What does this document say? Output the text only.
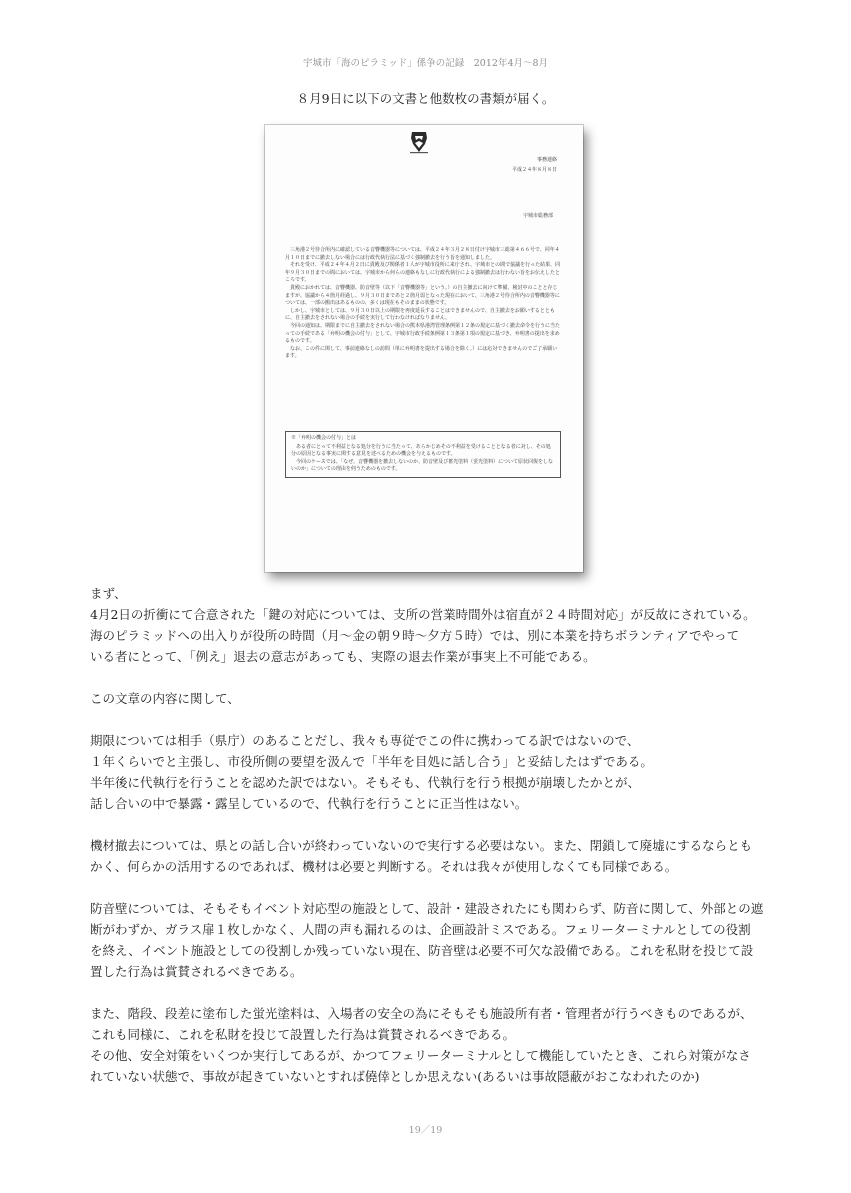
宇城市「海のピラミッド」係争の記録　2012年4月～8月
８月9日に以下の文書と他数枚の書類が届く。
事務連絡
平成２４年８月８日
宇城市総務部

三角港２号待合所内に確認している音響機器等については、平成２４年３月２８日付け宇城市三総第４６６号で、同年４月１０日までに撤去しない場合には行政代執行法に基づく強制撤去を行う旨を通知しました。

それを受け、平成２４年４月２日に貴殿及び関係者１人が宇城市役所に来庁され、宇城市との間で協議を行った結果、同年９月３０日までの間においては、宇城市から何らの連絡もなしに行政代執行による強制撤去は行わない旨をお伝えしたところです。

貴殿におかれては、音響機器、防音壁等（以下「音響機器等」という。）の自主撤去に向けて準備、検討中のことと存じますが、協議から４箇月経過し、９月３０日まであと２箇月弱となった現在において、三角港２号待合所内の音響機器等については、一部の搬出はあるものの、多くは現在もそのままの状態です。

しかし、宇城市としては、９月３０日以上の期限を再度延長することはできませんので、自主撤去をお願いするとともに、自主撤去をされない場合の手続を実行して行わなければなりません。

今回の通知は、期限までに自主撤去をされない場合の熊本県港湾管理条例第１２条の規定に基づく撤去命令を行うに当たっての手続である「弁明の機会の付与」として、宇城市行政手続条例第１３条第１項の規定に基づき、弁明書の提出を求めるものです。

なお、この件に関して、事前連絡なしの訪問（単に弁明書を提出する場合を除く。）には応対できませんのでご了承願います。

※「弁明の機会の付与」とは

ある者にとって不利益となる処分を行うに当たって、あらかじめその不利益を受けることとなる者に対し、その処分の原因となる事実に関する意見を述べるための機会を与えるものです。

今回のケースでは、「なぜ、音響機器を撤去しないのか、防音壁及び蓄光塗料（蛍光塗料）について原状回復をしないのか」についての理由を伺うためのものです。

まず、
4月2日の折衝にて合意された「鍵の対応については、支所の営業時間外は宿直が２４時間対応」が反故にされている。
海のピラミッドへの出入りが役所の時間（月～金の朝９時～夕方５時）では、別に本業を持ちボランティアでやって
いる者にとって、「例え」退去の意志があっても、実際の退去作業が事実上不可能である。

この文章の内容に関して、

期限については相手（県庁）のあることだし、我々も専従でこの件に携わってる訳ではないので、
１年くらいでと主張し、市役所側の要望を汲んで「半年を目処に話し合う」と妥結したはずである。
半年後に代執行を行うことを認めた訳ではない。そもそも、代執行を行う根拠が崩壊したかとが、
話し合いの中で暴露・露呈しているので、代執行を行うことに正当性はない。

機材撤去については、県との話し合いが終わっていないので実行する必要はない。また、閉鎖して廃墟にするならとも
かく、何らかの活用するのであれば、機材は必要と判断する。それは我々が使用しなくても同様である。

防音壁については、そもそもイベント対応型の施設として、設計・建設されたにも関わらず、防音に関して、外部との遮
断がわずか、ガラス扉１枚しかなく、人間の声も漏れるのは、企画設計ミスである。フェリーターミナルとしての役割
を終え、イベント施設としての役割しか残っていない現在、防音壁は必要不可欠な設備である。これを私財を投じて設
置した行為は賞賛されるべきである。

また、階段、段差に塗布した蛍光塗料は、入場者の安全の為にそもそも施設所有者・管理者が行うべきものであるが、
これも同様に、これを私財を投じて設置した行為は賞賛されるべきである。
その他、安全対策をいくつか実行してあるが、かつてフェリーターミナルとして機能していたとき、これら対策がなさ
れていない状態で、事故が起きていないとすれば僥倖としか思えない(あるいは事故隠蔽がおこなわれたのか)

19／19
